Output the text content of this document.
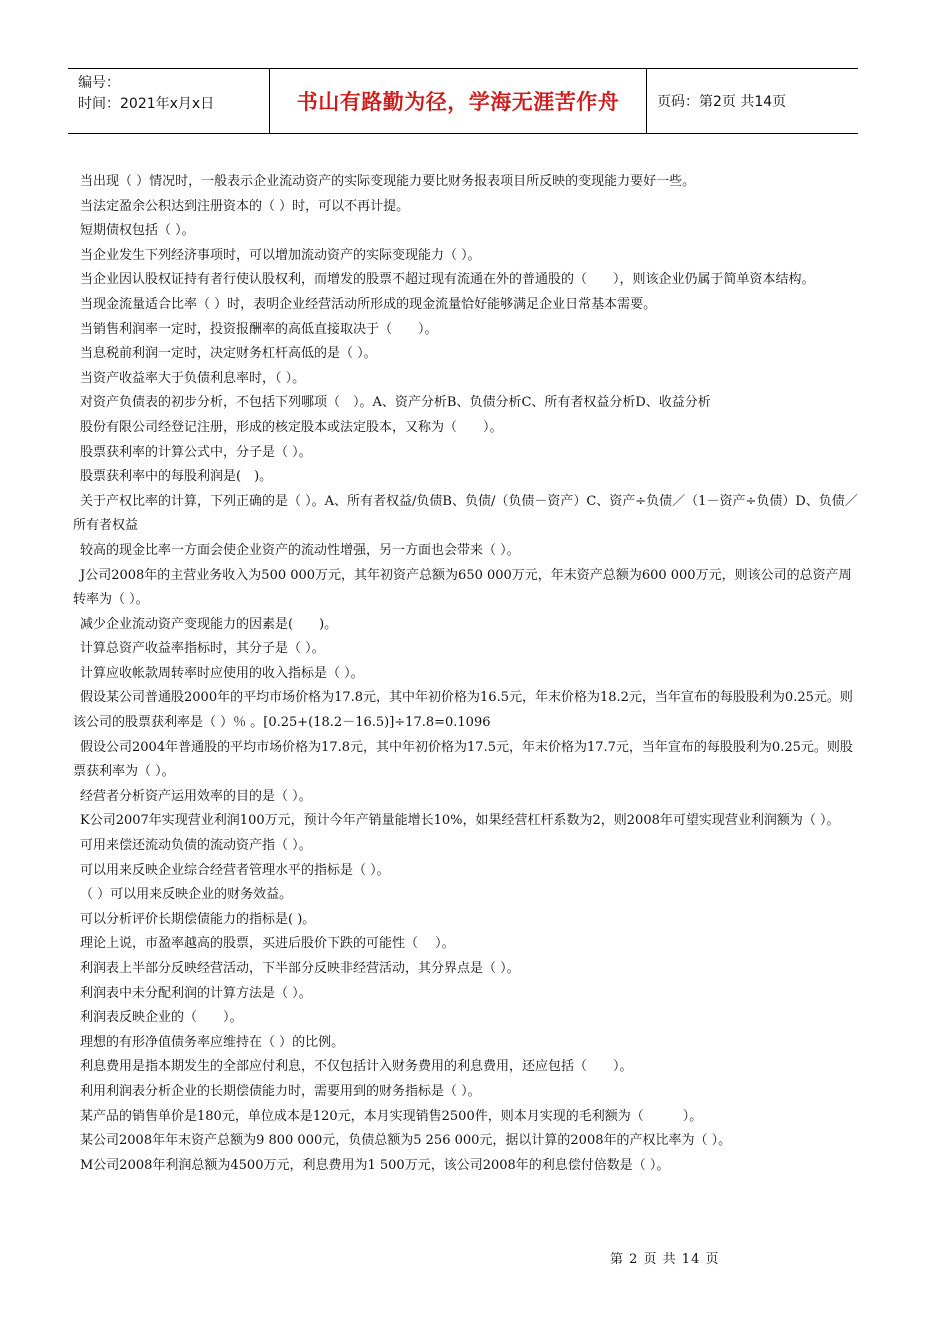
编号：
时间：2021年x月x日	书山有路勤为径，学海无涯苦作舟	页码：第2页 共14页

当出现（ ）情况时，一般表示企业流动资产的实际变现能力要比财务报表项目所反映的变现能力要好一些。

当法定盈余公积达到注册资本的（ ）时，可以不再计提。

短期债权包括（ ）。

当企业发生下列经济事项时，可以增加流动资产的实际变现能力（ ）。

当企业因认股权证持有者行使认股权利，而增发的股票不超过现有流通在外的普通股的（　　），则该企业仍属于简单资本结构。

当现金流量适合比率（ ）时，表明企业经营活动所形成的现金流量恰好能够满足企业日常基本需要。

当销售利润率一定时，投资报酬率的高低直接取决于（　　）。

当息税前利润一定时，决定财务杠杆高低的是（ ）。

当资产收益率大于负债利息率时，（ ）。

对资产负债表的初步分析，不包括下列哪项（　）。A、资产分析B、负债分析C、所有者权益分析D、收益分析

股份有限公司经登记注册，形成的核定股本或法定股本，又称为（　　）。

股票获利率的计算公式中，分子是（ ）。

股票获利率中的每股利润是(　)。

关于产权比率的计算，下列正确的是（ ）。A、所有者权益/负债B、负债/（负债－资产）C、资产÷负债／（1－资产÷负债）D、负债／所有者权益

较高的现金比率一方面会使企业资产的流动性增强，另一方面也会带来（ ）。

J公司2008年的主营业务收入为500 000万元，其年初资产总额为650 000万元，年末资产总额为600 000万元，则该公司的总资产周转率为（ ）。

减少企业流动资产变现能力的因素是(　　)。

计算总资产收益率指标时，其分子是（ ）。

计算应收帐款周转率时应使用的收入指标是（ ）。

假设某公司普通股2000年的平均市场价格为17.8元，其中年初价格为16.5元，年末价格为18.2元，当年宣布的每股股利为0.25元。则该公司的股票获利率是（ ）％ 。[0.25+(18.2－16.5)]÷17.8=0.1096

假设公司2004年普通股的平均市场价格为17.8元，其中年初价格为17.5元，年末价格为17.7元，当年宣布的每股股利为0.25元。则股票获利率为（ ）。

经营者分析资产运用效率的目的是（ ）。

K公司2007年实现营业利润100万元，预计今年产销量能增长10%，如果经营杠杆系数为2，则2008年可望实现营业利润额为（ ）。

可用来偿还流动负债的流动资产指（ ）。

可以用来反映企业综合经营者管理水平的指标是（ ）。

（ ）可以用来反映企业的财务效益。

可以分析评价长期偿债能力的指标是( )。

理论上说，市盈率越高的股票，买进后股价下跌的可能性（　 ）。

利润表上半部分反映经营活动，下半部分反映非经营活动，其分界点是（ ）。

利润表中未分配利润的计算方法是（ ）。

利润表反映企业的（　　）。

理想的有形净值债务率应维持在（ ）的比例。

利息费用是指本期发生的全部应付利息，不仅包括计入财务费用的利息费用，还应包括（　　）。

利用利润表分析企业的长期偿债能力时，需要用到的财务指标是（ ）。

某产品的销售单价是180元，单位成本是120元，本月实现销售2500件，则本月实现的毛利额为（　　　）。

某公司2008年年末资产总额为9 800 000元，负债总额为5 256 000元，据以计算的2008年的产权比率为（ ）。

M公司2008年利润总额为4500万元，利息费用为1 500万元，该公司2008年的利息偿付倍数是（ ）。

第 2 页 共 14 页
